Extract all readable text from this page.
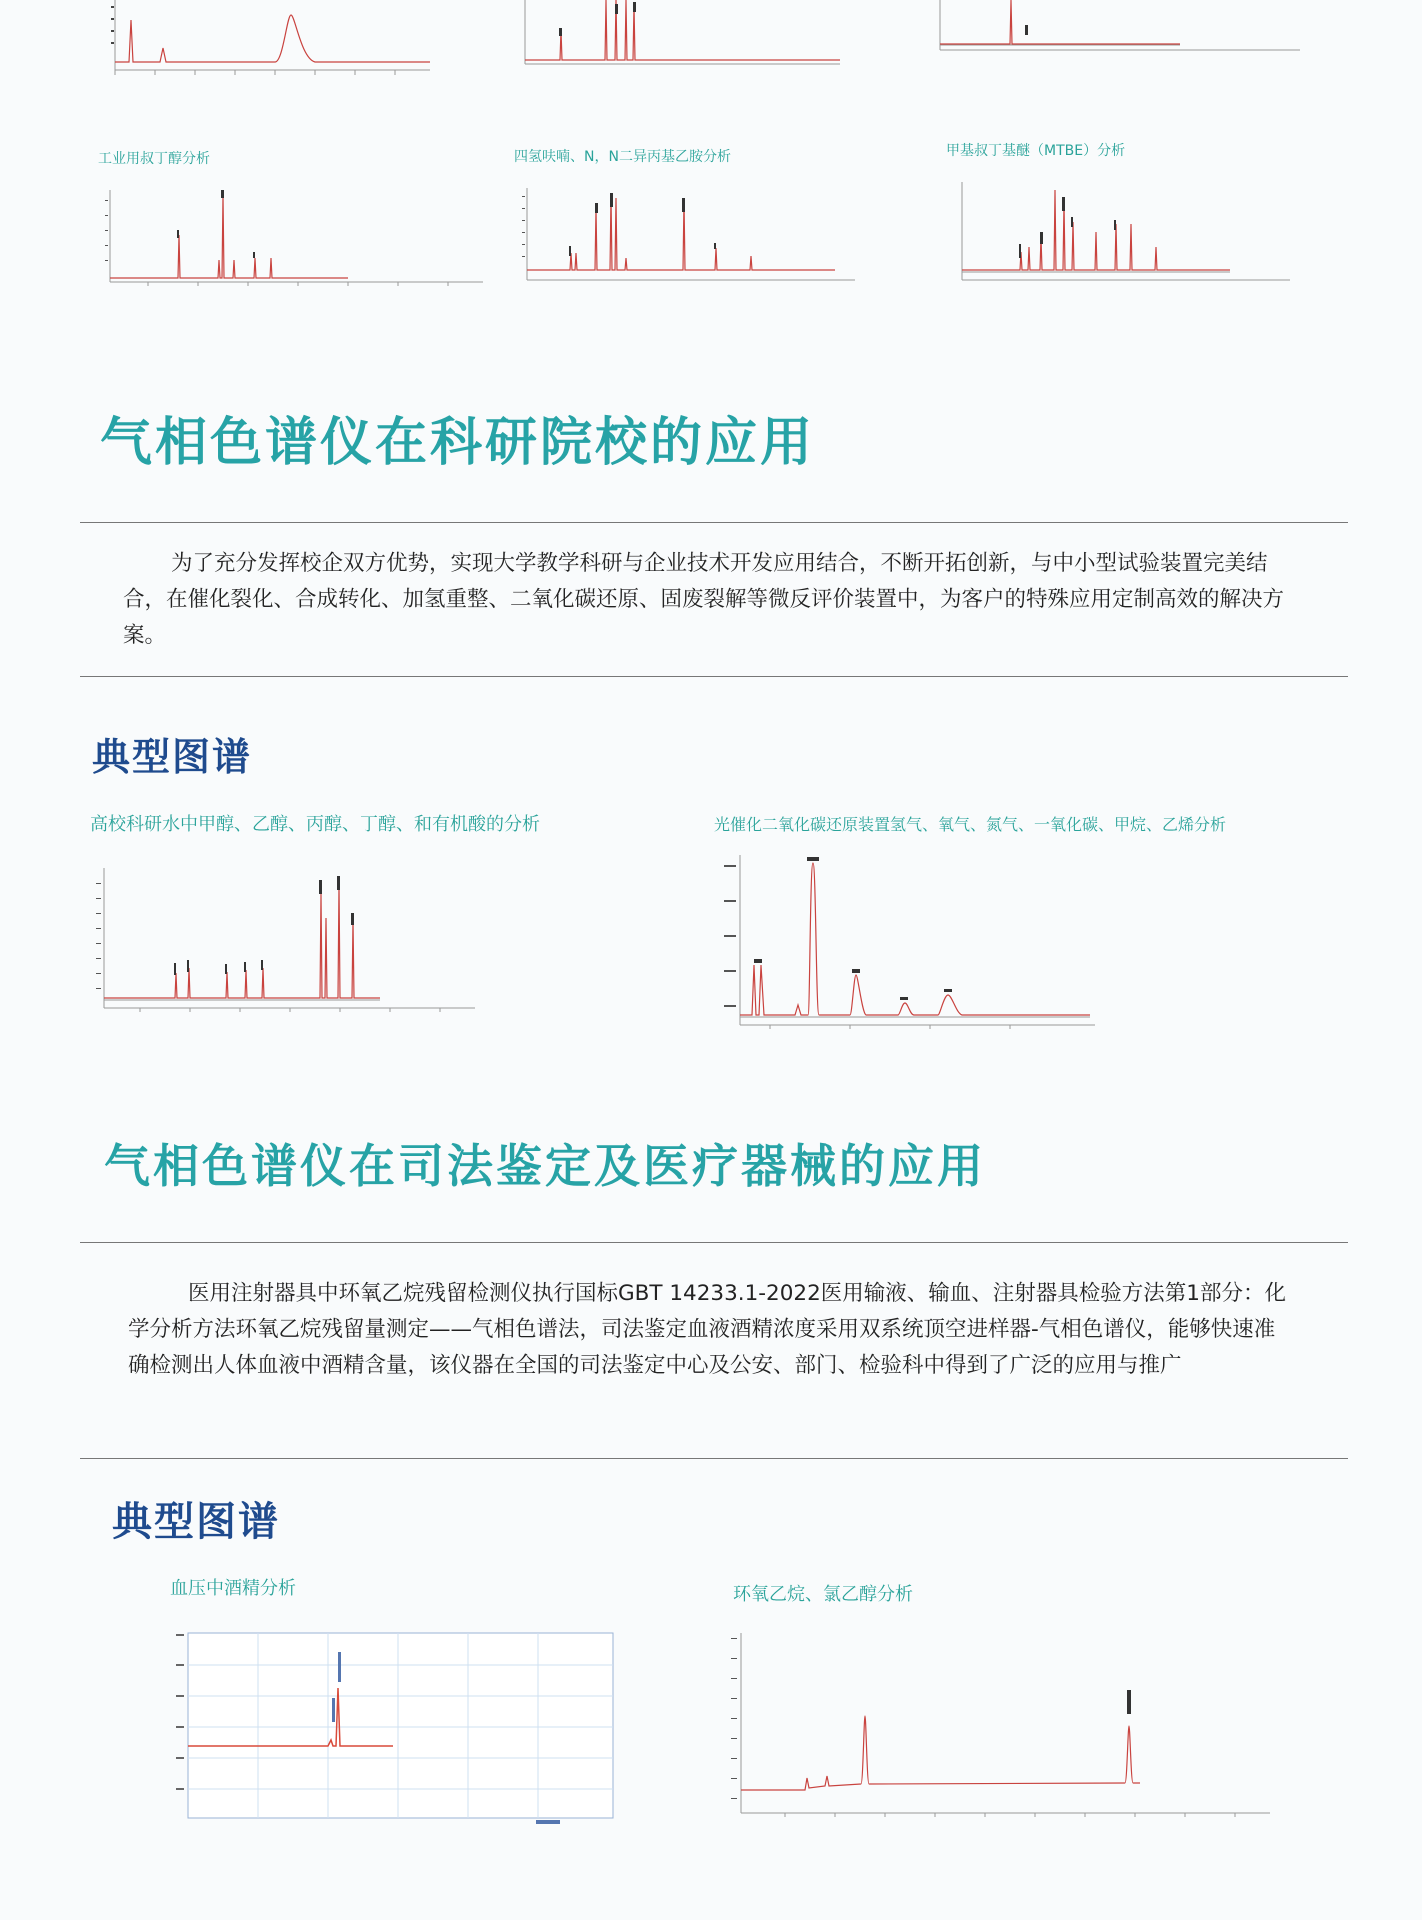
工业用叔丁醇分析	四氢呋喃、N，N二异丙基乙胺分析	甲基叔丁基醚（MTBE）分析
气相色谱仪在科研院校的应用

为了充分发挥校企双方优势，实现大学教学科研与企业技术开发应用结合，不断开拓创新，与中小型试验装置完美结合，在催化裂化、合成转化、加氢重整、二氧化碳还原、固废裂解等微反评价装置中，为客户的特殊应用定制高效的解决方案。

典型图谱
高校科研水中甲醇、乙醇、丙醇、丁醇、和有机酸的分析	光催化二氧化碳还原装置氢气、氧气、氮气、一氧化碳、甲烷、乙烯分析
气相色谱仪在司法鉴定及医疗器械的应用

医用注射器具中环氧乙烷残留检测仪执行国标GBT 14233.1-2022医用输液、输血、注射器具检验方法第1部分：化学分析方法环氧乙烷残留量测定——气相色谱法，司法鉴定血液酒精浓度采用双系统顶空进样器-气相色谱仪，能够快速准确检测出人体血液中酒精含量，该仪器在全国的司法鉴定中心及公安、部门、检验科中得到了广泛的应用与推广

典型图谱
血压中酒精分析	环氧乙烷、氯乙醇分析
